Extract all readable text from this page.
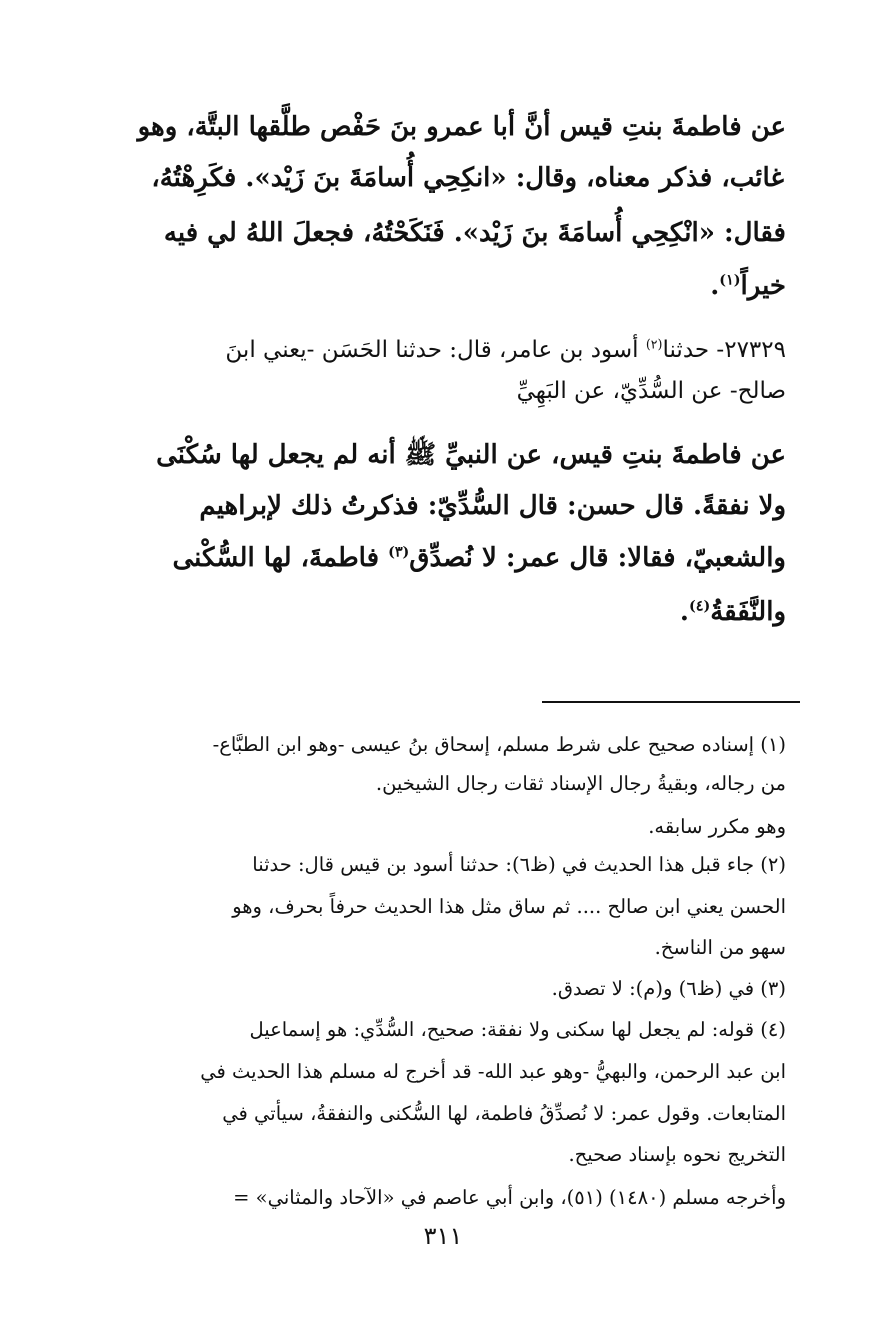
عن فاطمةَ بنتِ قيس أنَّ أبا عمرو بنَ حَفْص طلَّقها البتَّة، وهو
غائب، فذكر معناه، وقال: «انكِحِي أُسامَةَ بنَ زَيْد». فكَرِهْتُهُ،
فقال: «انْكِحِي أُسامَةَ بنَ زَيْد». فَنَكَحْتُهُ، فجعلَ اللهُ لي فيه
خيراً$^{(١)}$.
٢٧٣٢٩- حدثنا$^{(٢)}$ أسود بن عامر، قال: حدثنا الحَسَن -يعني ابنَ
صالح- عن السُّدِّيّ، عن البَهِيِّ
عن فاطمةَ بنتِ قيس، عن النبيِّ ﷺ أنه لم يجعل لها سُكْنَى
ولا نفقةً. قال حسن: قال السُّدِّيّ: فذكرتُ ذلك لإبراهيم
والشعبيّ، فقالا: قال عمر: لا نُصدِّق$^{(٣)}$ فاطمةَ، لها السُّكْنى
والنَّفَقةُ$^{(٤)}$.
(١) إسناده صحيح على شرط مسلم، إسحاق بنُ عيسى -وهو ابن الطبَّاع-
من رجاله، وبقيةُ رجال الإسناد ثقات رجال الشيخين.
وهو مكرر سابقه.
(٢) جاء قبل هذا الحديث في (ظ٦): حدثنا أسود بن قيس قال: حدثنا
الحسن يعني ابن صالح .... ثم ساق مثل هذا الحديث حرفاً بحرف، وهو
سهو من الناسخ.
(٣) في (ظ٦) و(م): لا تصدق.
(٤) قوله: لم يجعل لها سكنى ولا نفقة: صحيح، السُّدِّي: هو إسماعيل
ابن عبد الرحمن، والبهيُّ -وهو عبد الله- قد أخرج له مسلم هذا الحديث في
المتابعات. وقول عمر: لا نُصدِّقُ فاطمة، لها السُّكنى والنفقةُ، سيأتي في
التخريج نحوه بإسناد صحيح.
وأخرجه مسلم (١٤٨٠) (٥١)، وابن أبي عاصم في «الآحاد والمثاني» =
٣١١
